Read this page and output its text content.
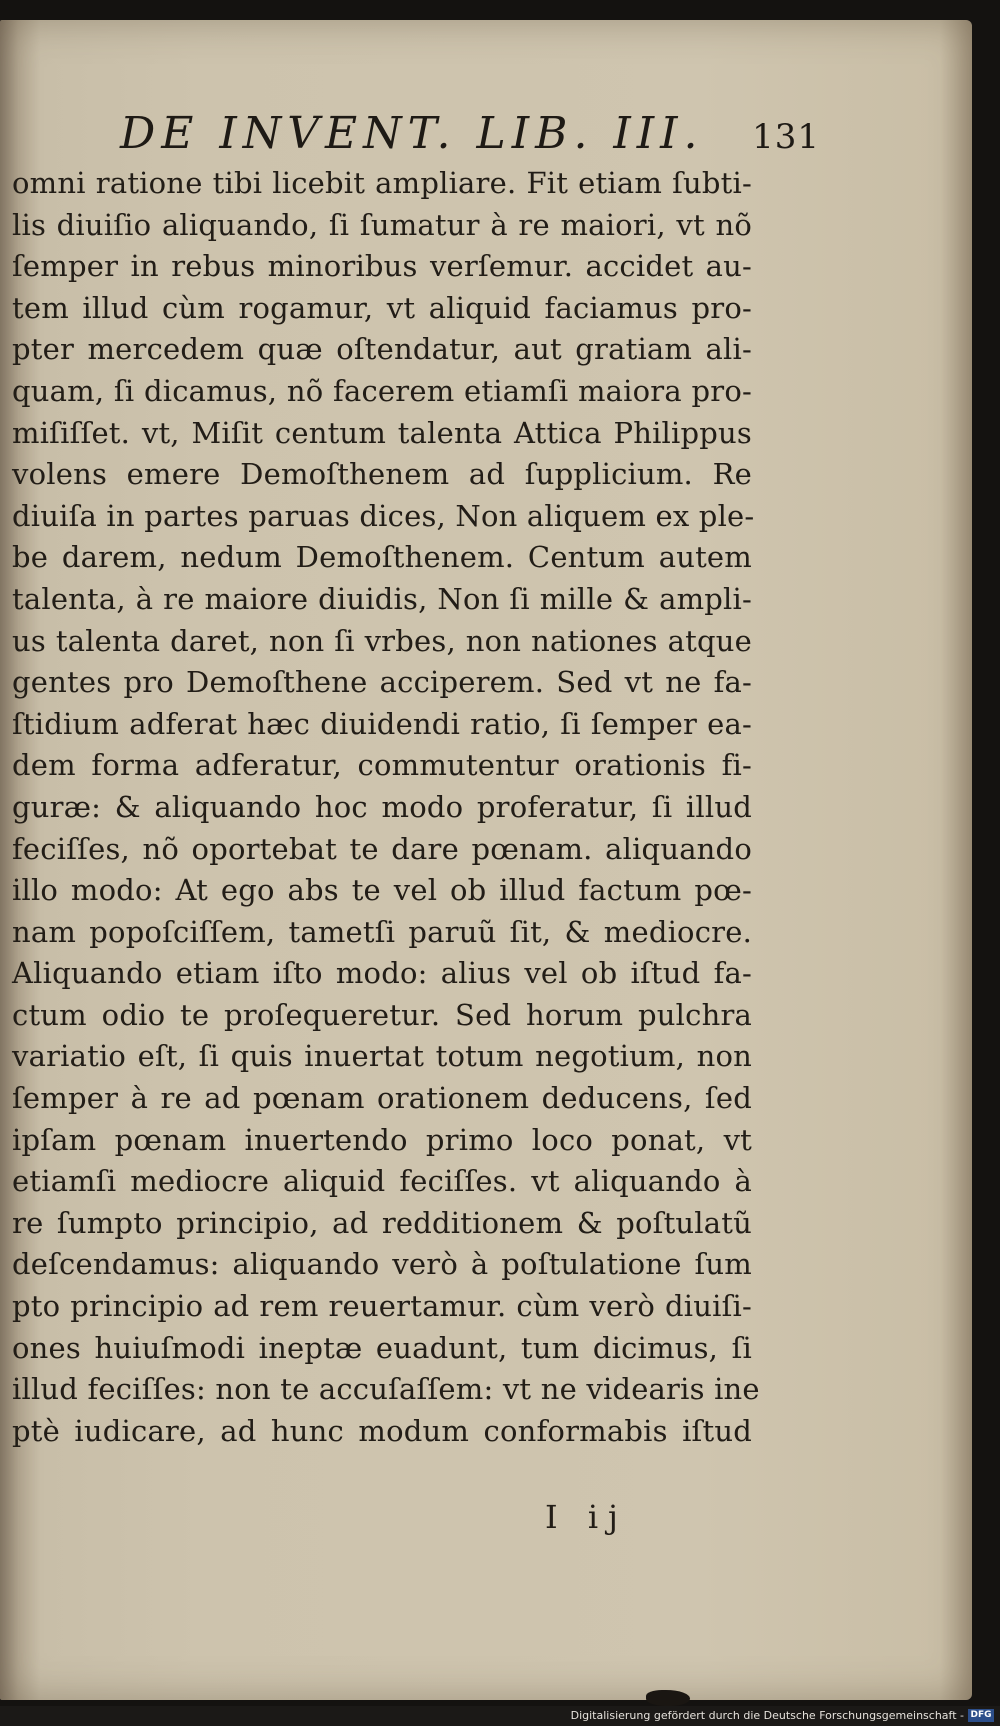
DE INVENT. LIB. III. 131
omni ratione tibi licebit ampliare. Fit etiam ſubti-
lis diuiſio aliquando, ſi ſumatur à re maiori, vt nõ
ſemper in rebus minoribus verſemur. accidet au-
tem illud cùm rogamur, vt aliquid faciamus pro-
pter mercedem quæ oſtendatur, aut gratiam ali-
quam, ſi dicamus, nõ facerem etiamſi maiora pro-
miſiſſet. vt, Miſit centum talenta Attica Philippus
volens emere Demoſthenem ad ſupplicium. Re
diuiſa in partes paruas dices, Non aliquem ex ple-
be darem, nedum Demoſthenem. Centum autem
talenta, à re maiore diuidis, Non ſi mille & ampli-
us talenta daret, non ſi vrbes, non nationes atque
gentes pro Demoſthene acciperem. Sed vt ne fa-
ſtidium adferat hæc diuidendi ratio, ſi ſemper ea-
dem forma adferatur, commutentur orationis fi-
guræ: & aliquando hoc modo proferatur, ſi illud
feciſſes, nõ oportebat te dare pœnam. aliquando
illo modo: At ego abs te vel ob illud factum pœ-
nam popoſciſſem, tametſi paruũ ſit, & mediocre.
Aliquando etiam iſto modo: alius vel ob iſtud fa-
ctum odio te proſequeretur. Sed horum pulchra
variatio eſt, ſi quis inuertat totum negotium, non
ſemper à re ad pœnam orationem deducens, ſed
ipſam pœnam inuertendo primo loco ponat, vt
etiamſi mediocre aliquid feciſſes. vt aliquando à
re ſumpto principio, ad redditionem & poſtulatũ
deſcendamus: aliquando verò à poſtulatione ſum
pto principio ad rem reuertamur. cùm verò diuiſi-
ones huiuſmodi ineptæ euadunt, tum dicimus, ſi
illud feciſſes: non te accuſaſſem: vt ne videaris ine
ptè iudicare, ad hunc modum conformabis iſtud
I ij
Digitalisierung gefördert durch die Deutsche Forschungsgemeinschaft - DFG
